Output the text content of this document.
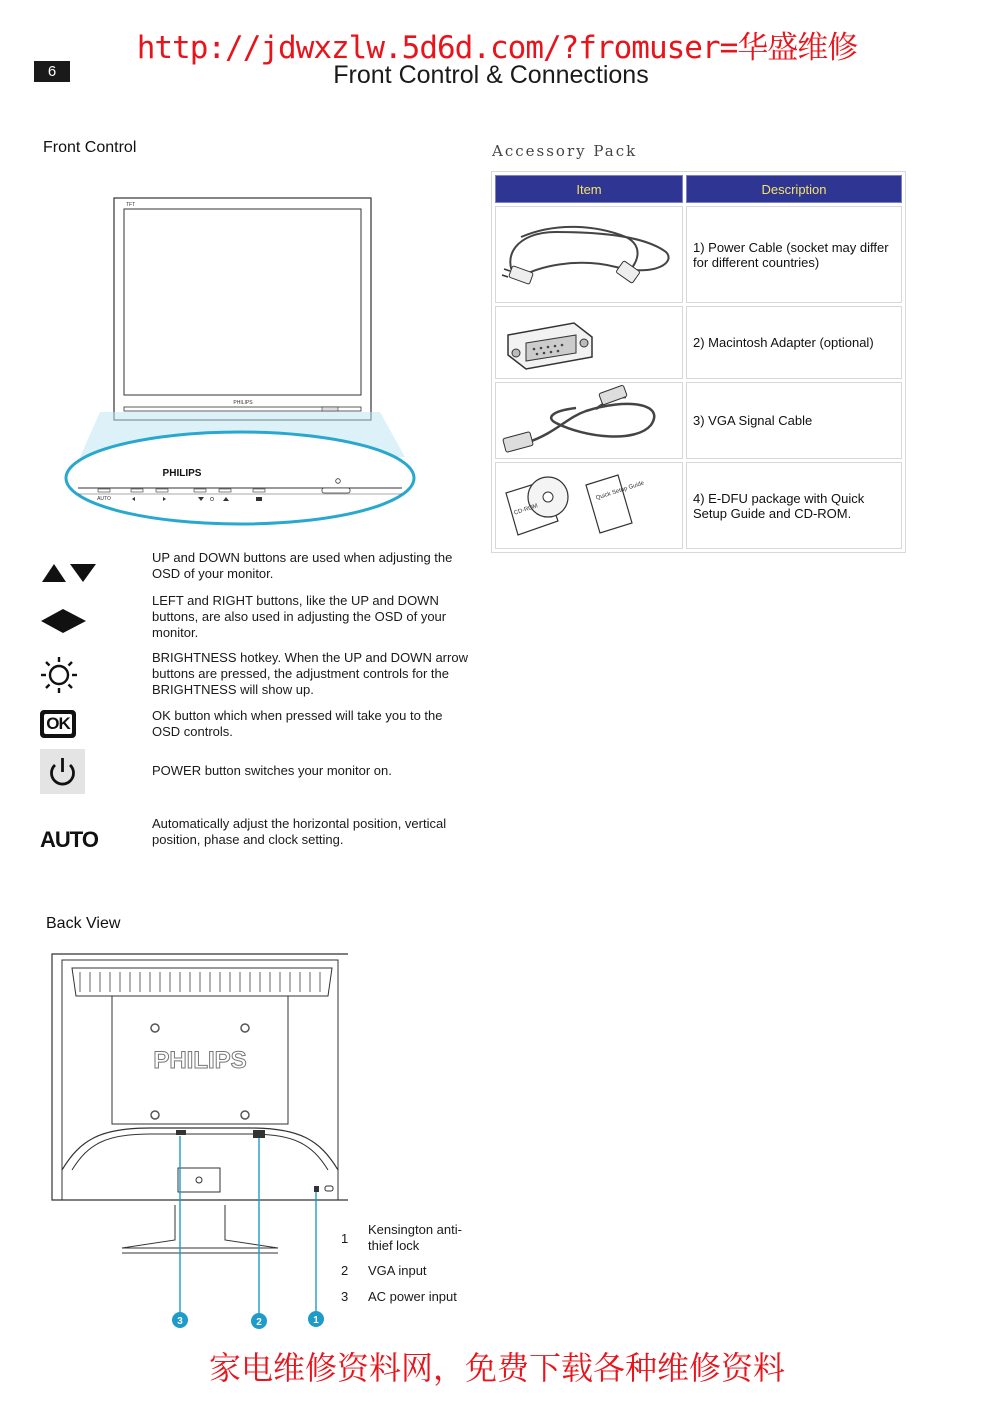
http://jdwxzlw.5d6d.com/?fromuser=华盛维修
6	Front Control & Connections
Front Control
TFT
PHILIPS
PHILIPS
AUTO
OK
AUTO
UP and DOWN buttons are used when adjusting the OSD of your monitor.
LEFT and RIGHT buttons, like the UP and DOWN buttons, are also used in adjusting the OSD of your monitor.
BRIGHTNESS hotkey. When the UP and DOWN arrow buttons are pressed, the adjustment controls for the BRIGHTNESS will show up.
OK button which when pressed will take you to the OSD controls.
POWER button switches your monitor on.
Automatically adjust the horizontal position, vertical position, phase and clock setting.
Accessory Pack
Item	Description
	1) Power Cable (socket may differ for different countries)
	2) Macintosh Adapter (optional)
	3) VGA Signal Cable

CD-ROM
Quick Setup Guide	4) E-DFU package with Quick Setup Guide and CD-ROM.
Back View
PHILIPS
3	2	1
1
Kensington anti-thief lock
2 VGA input
3 AC power input
家电维修资料网，免费下载各种维修资料
